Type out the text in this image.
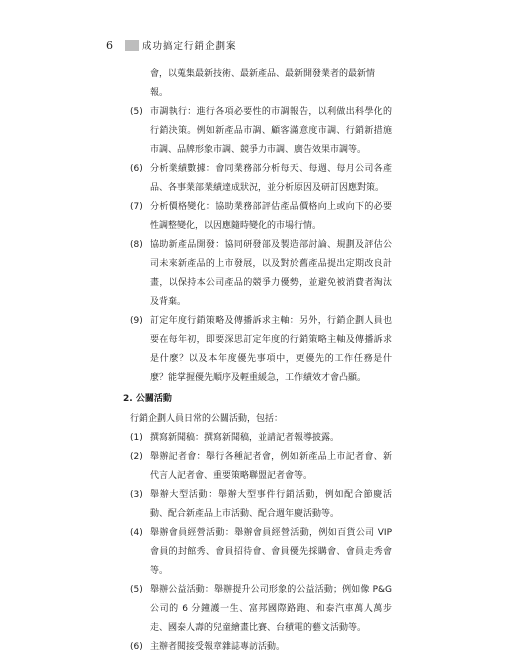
6	成功搞定行銷企劃案
會，以蒐集最新技術、最新產品、最新開發業者的最新情報。
(5) 市調執行：進行各項必要性的市調報告，以利做出科學化的行銷決策。例如新產品市調、顧客滿意度市調、行銷新措施市調、品牌形象市調、競爭力市調、廣告效果市調等。
(6) 分析業績數據：會同業務部分析每天、每週、每月公司各產品、各事業部業績達成狀況，並分析原因及研訂因應對策。
(7) 分析價格變化：協助業務部評估產品價格向上或向下的必要性調整變化，以因應隨時變化的市場行情。
(8) 協助新產品開發：協同研發部及製造部討論、規劃及評估公司未來新產品的上市發展，以及對於舊產品提出定期改良計畫，以保持本公司產品的競爭力優勢，並避免被消費者淘汰及背棄。
(9) 訂定年度行銷策略及傳播訴求主軸：另外，行銷企劃人員也要在每年初，即要深思訂定年度的行銷策略主軸及傳播訴求是什麼？以及本年度優先事項中，更優先的工作任務是什麼？能掌握優先順序及輕重緩急，工作績效才會凸顯。
2. 公關活動
行銷企劃人員日常的公關活動，包括：
(1) 撰寫新聞稿：撰寫新聞稿，並請記者報導披露。
(2) 舉辦記者會：舉行各種記者會，例如新產品上市記者會、新代言人記者會、重要策略聯盟記者會等。
(3) 舉辦大型活動：舉辦大型事件行銷活動，例如配合節慶活動、配合新產品上市活動、配合週年慶活動等。
(4) 舉辦會員經營活動：舉辦會員經營活動，例如百貨公司 VIP 會員的封館秀、會員招待會、會員優先採購會、會員走秀會等。
(5) 舉辦公益活動：舉辦提升公司形象的公益活動；例如像 P&G 公司的 6 分鐘護一生、富邦國際路跑、和泰汽車萬人萬步走、國泰人壽的兒童繪畫比賽、台積電的藝文活動等。
(6) 主辦者閱接受報章雜誌專訪活動。
